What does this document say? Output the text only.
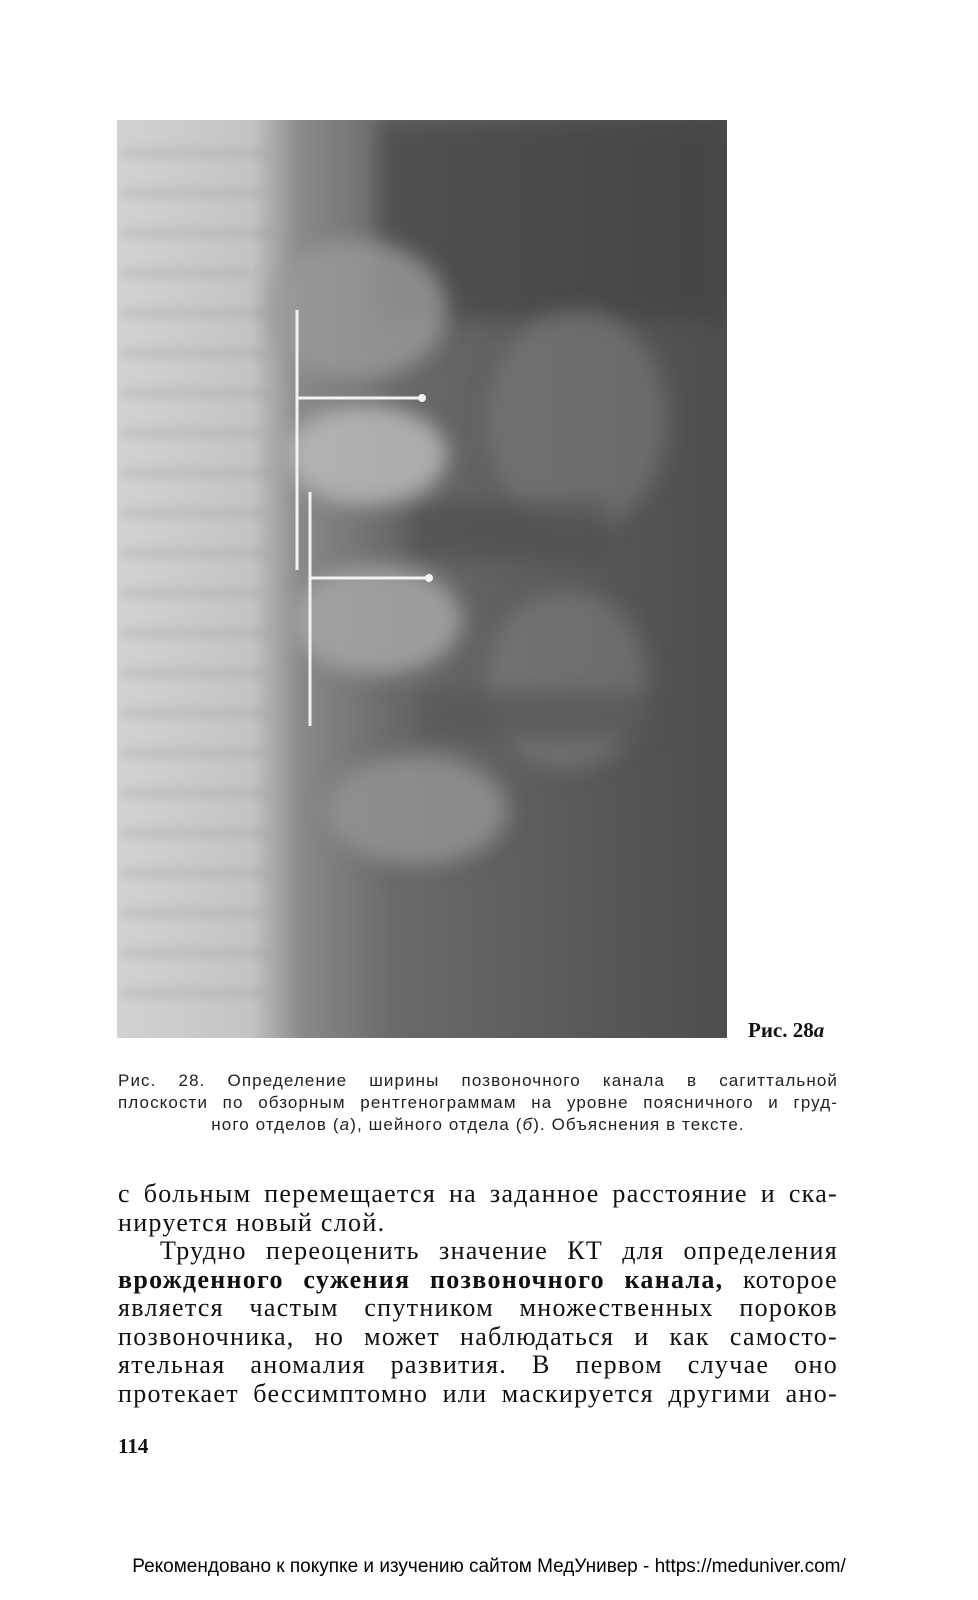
Рис. 28а
Рис. 28. Определение ширины позвоночного канала в сагиттальной
плоскости по обзорным рентгенограммам на уровне поясничного и груд-
ного отделов (а), шейного отдела (б). Объяснения в тексте.
с больным перемещается на заданное расстояние и ска-
нируется новый слой.
Трудно переоценить значение КТ для определения
врожденного сужения позвоночного канала, которое
является частым спутником множественных пороков
позвоночника, но может наблюдаться и как самосто-
ятельная аномалия развития. В первом случае оно
протекает бессимптомно или маскируется другими ано-
114
Рекомендовано к покупке и изучению сайтом МедУнивер - https://meduniver.com/
